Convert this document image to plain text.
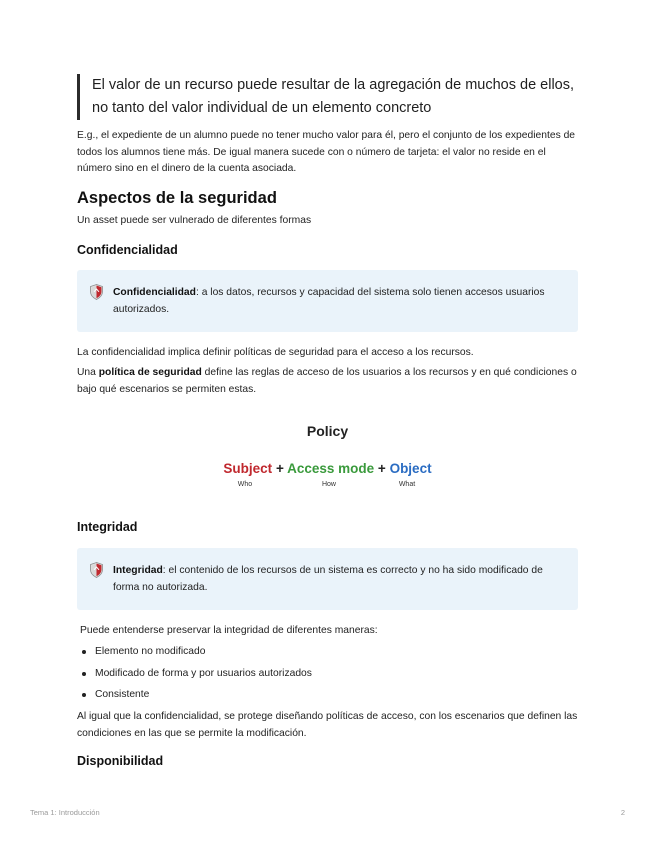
El valor de un recurso puede resultar de la agregación de muchos de ellos, no tanto del valor individual de un elemento concreto
E.g., el expediente de un alumno puede no tener mucho valor para él, pero el conjunto de los expedientes de todos los alumnos tiene más. De igual manera sucede con o número de tarjeta: el valor no reside en el número sino en el dinero de la cuenta asociada.
Aspectos de la seguridad
Un asset puede ser vulnerado de diferentes formas
Confidencialidad
Confidencialidad: a los datos, recursos y capacidad del sistema solo tienen accesos usuarios autorizados.
La confidencialidad implica definir políticas de seguridad para el acceso a los recursos.
Una política de seguridad define las reglas de acceso de los usuarios a los recursos y en qué condiciones o bajo qué escenarios se permiten estas.
Policy
Subject + Access mode + Object
Who	How	What
Integridad
Integridad: el contenido de los recursos de un sistema es correcto y no ha sido modificado de forma no autorizada.
Puede entenderse preservar la integridad de diferentes maneras:
Elemento no modificado
Modificado de forma y por usuarios autorizados
Consistente
Al igual que la confidencialidad, se protege diseñando políticas de acceso, con los escenarios que definen las condiciones en las que se permite la modificación.
Disponibilidad
Tema 1: Introducción	2
